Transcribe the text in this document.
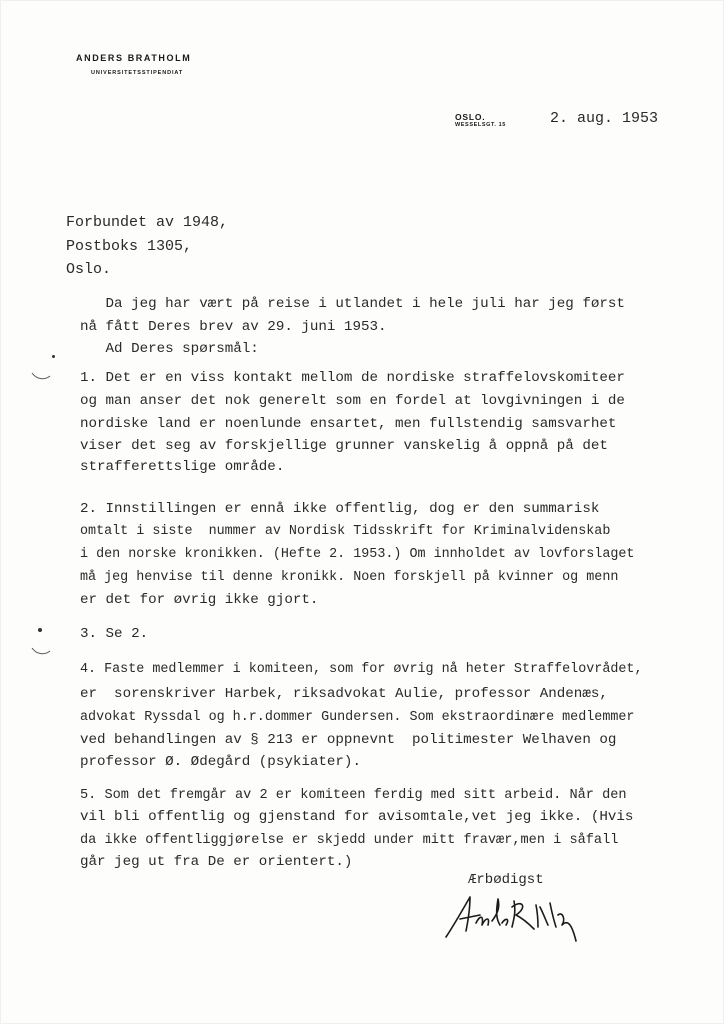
ANDERS BRATHOLM
UNIVERSITETSSTIPENDIAT
OSLO.
WESSELSGT. 15	2. aug. 1953
Forbundet av 1948,
Postboks 1305,
Oslo.
Da jeg har vært på reise i utlandet i hele juli har jeg først
nå fått Deres brev av 29. juni 1953.
Ad Deres spørsmål:
1. Det er en viss kontakt mellom de nordiske straffelovskomiteer
og man anser det nok generelt som en fordel at lovgivningen i de
nordiske land er noenlunde ensartet, men fullstendig samsvarhet
viser det seg av forskjellige grunner vanskelig å oppnå på det
strafferettslige område.
2. Innstillingen er ennå ikke offentlig, dog er den summarisk
omtalt i siste  nummer av Nordisk Tidsskrift for Kriminalvidenskab
i den norske kronikken. (Hefte 2. 1953.) Om innholdet av lovforslaget
må jeg henvise til denne kronikk. Noen forskjell på kvinner og menn
er det for øvrig ikke gjort.
3. Se 2.
4. Faste medlemmer i komiteen, som for øvrig nå heter Straffelovrådet,
er  sorenskriver Harbek, riksadvokat Aulie, professor Andenæs,
advokat Ryssdal og h.r.dommer Gundersen. Som ekstraordinære medlemmer
ved behandlingen av § 213 er oppnevnt  politimester Welhaven og
professor Ø. Ødegård (psykiater).
5. Som det fremgår av 2 er komiteen ferdig med sitt arbeid. Når den
vil bli offentlig og gjenstand for avisomtale,vet jeg ikke. (Hvis
da ikke offentliggjørelse er skjedd under mitt fravær,men i såfall
går jeg ut fra De er orientert.)
Ærbødigst
